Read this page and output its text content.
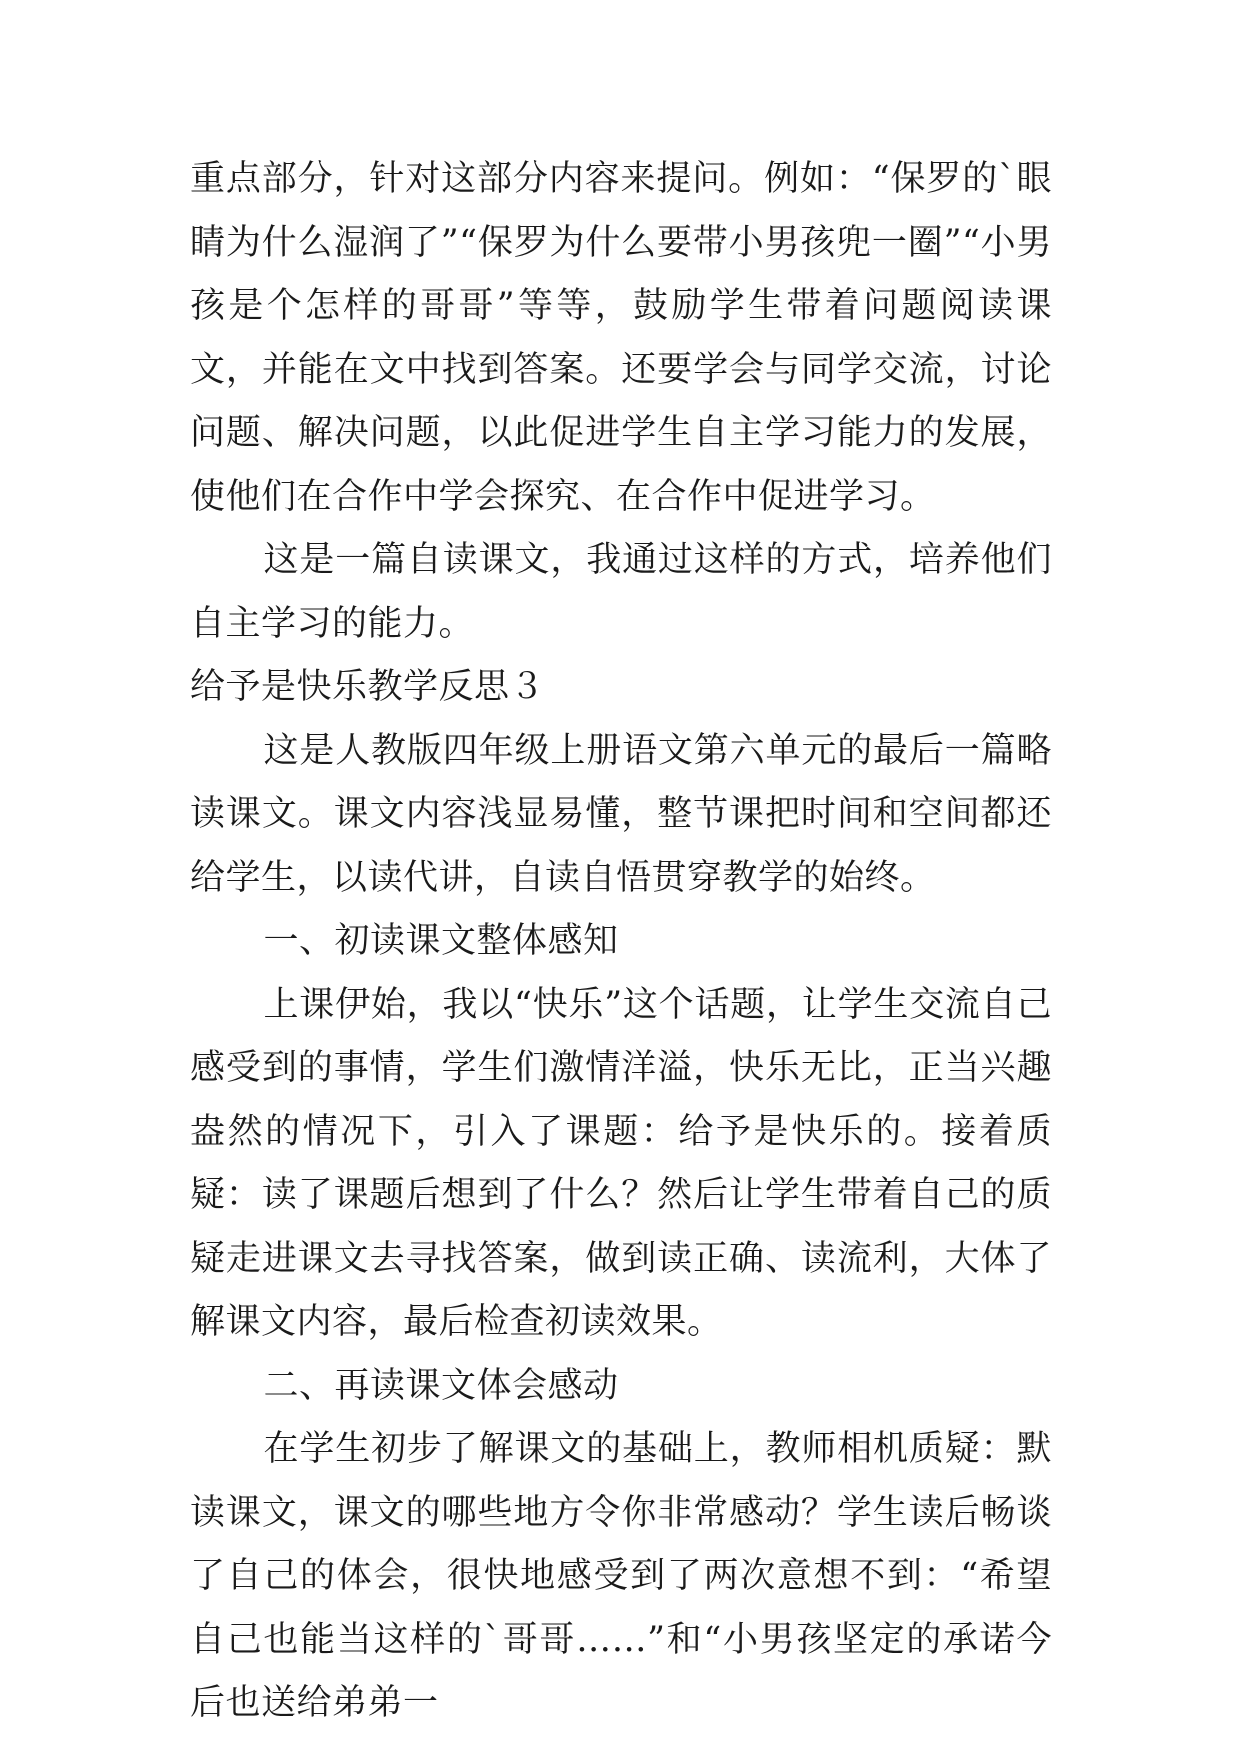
重点部分，针对这部分内容来提问。例如：“保罗的`眼睛为什么湿润了”“保罗为什么要带小男孩兜一圈”“小男孩是个怎样的哥哥”等等，鼓励学生带着问题阅读课文，并能在文中找到答案。还要学会与同学交流，讨论问题、解决问题，以此促进学生自主学习能力的发展，使他们在合作中学会探究、在合作中促进学习。

这是一篇自读课文，我通过这样的方式，培养他们自主学习的能力。

给予是快乐教学反思３

这是人教版四年级上册语文第六单元的最后一篇略读课文。课文内容浅显易懂，整节课把时间和空间都还给学生，以读代讲，自读自悟贯穿教学的始终。

一、初读课文整体感知

上课伊始，我以“快乐”这个话题，让学生交流自己感受到的事情，学生们激情洋溢，快乐无比，正当兴趣盎然的情况下，引入了课题：给予是快乐的。接着质疑：读了课题后想到了什么？然后让学生带着自己的质疑走进课文去寻找答案，做到读正确、读流利，大体了解课文内容，最后检查初读效果。

二、再读课文体会感动

在学生初步了解课文的基础上，教师相机质疑：默读课文，课文的哪些地方令你非常感动？学生读后畅谈了自己的体会，很快地感受到了两次意想不到：“希望自己也能当这样的`哥哥……”和“小男孩坚定的承诺今后也送给弟弟一
